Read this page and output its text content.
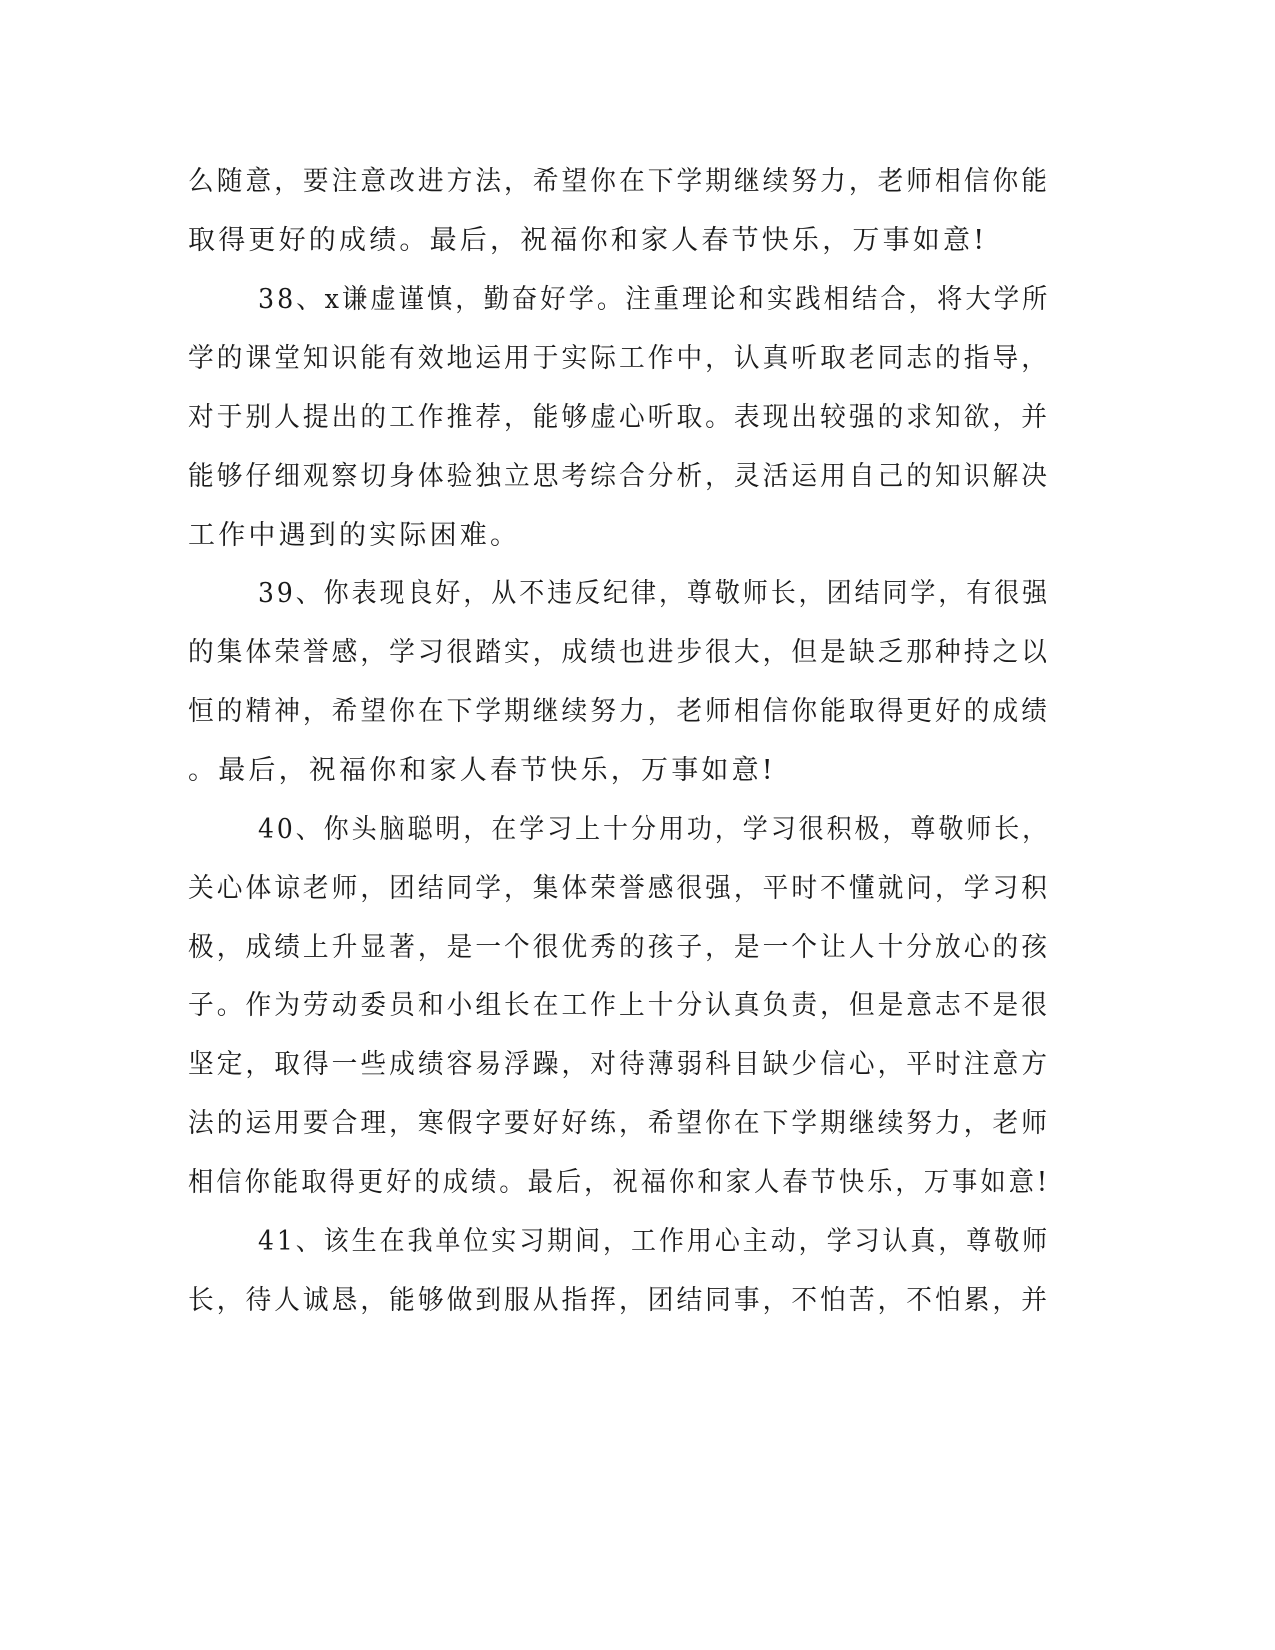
么随意，要注意改进方法，希望你在下学期继续努力，老师相信你能
取得更好的成绩。最后，祝福你和家人春节快乐，万事如意!
38、x谦虚谨慎，勤奋好学。注重理论和实践相结合，将大学所
学的课堂知识能有效地运用于实际工作中，认真听取老同志的指导，
对于别人提出的工作推荐，能够虚心听取。表现出较强的求知欲，并
能够仔细观察切身体验独立思考综合分析，灵活运用自己的知识解决
工作中遇到的实际困难。
39、你表现良好，从不违反纪律，尊敬师长，团结同学，有很强
的集体荣誉感，学习很踏实，成绩也进步很大，但是缺乏那种持之以
恒的精神，希望你在下学期继续努力，老师相信你能取得更好的成绩
。最后，祝福你和家人春节快乐，万事如意!
40、你头脑聪明，在学习上十分用功，学习很积极，尊敬师长，
关心体谅老师，团结同学，集体荣誉感很强，平时不懂就问，学习积
极，成绩上升显著，是一个很优秀的孩子，是一个让人十分放心的孩
子。作为劳动委员和小组长在工作上十分认真负责，但是意志不是很
坚定，取得一些成绩容易浮躁，对待薄弱科目缺少信心，平时注意方
法的运用要合理，寒假字要好好练，希望你在下学期继续努力，老师
相信你能取得更好的成绩。最后，祝福你和家人春节快乐，万事如意!
41、该生在我单位实习期间，工作用心主动，学习认真，尊敬师
长，待人诚恳，能够做到服从指挥，团结同事，不怕苦，不怕累，并
